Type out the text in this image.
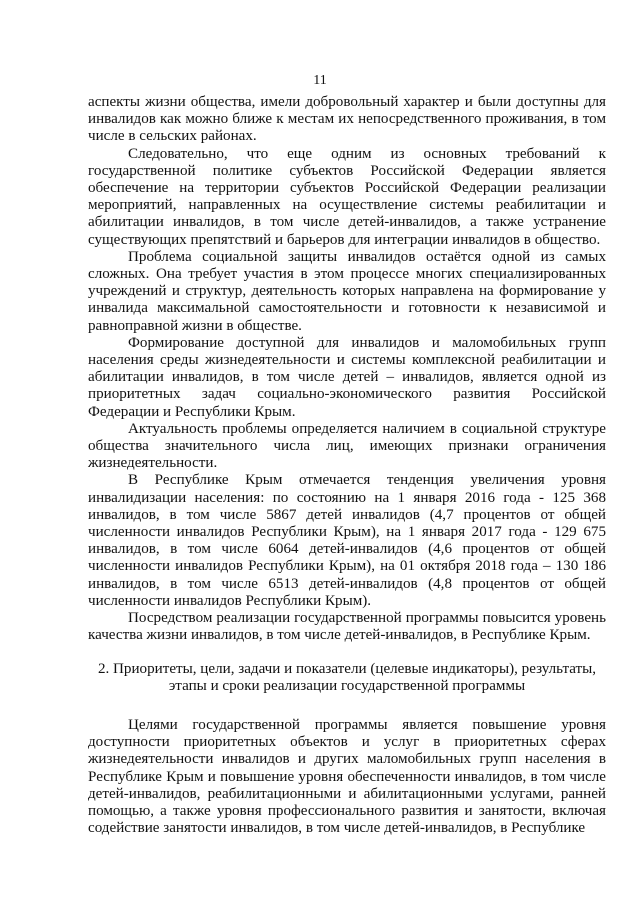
11

аспекты жизни общества, имели добровольный характер и были доступны для инвалидов как можно ближе к местам их непосредственного проживания, в том числе в сельских районах.

Следовательно, что еще одним из основных требований к государственной политике субъектов Российской Федерации является обеспечение на территории субъектов Российской Федерации реализации мероприятий, направленных на осуществление системы реабилитации и абилитации инвалидов, в том числе детей-инвалидов, а также устранение существующих препятствий и барьеров для интеграции инвалидов в общество.

Проблема социальной защиты инвалидов остаётся одной из самых сложных. Она требует участия в этом процессе многих специализированных учреждений и структур, деятельность которых направлена на формирование у инвалида максимальной самостоятельности и готовности к независимой и равноправной жизни в обществе.

Формирование доступной для инвалидов и маломобильных групп населения среды жизнедеятельности и системы комплексной реабилитации и абилитации инвалидов, в том числе детей – инвалидов, является одной из приоритетных задач социально-экономического развития Российской Федерации и Республики Крым.

Актуальность проблемы определяется наличием в социальной структуре общества значительного числа лиц, имеющих признаки ограничения жизнедеятельности.

В Республике Крым отмечается тенденция увеличения уровня инвалидизации населения: по состоянию на 1 января 2016 года - 125 368 инвалидов, в том числе 5867 детей инвалидов (4,7 процентов от общей численности инвалидов Республики Крым), на 1 января 2017 года - 129 675 инвалидов, в том числе 6064 детей-инвалидов (4,6 процентов от общей численности инвалидов Республики Крым), на 01 октября 2018 года – 130 186 инвалидов, в том числе 6513 детей-инвалидов (4,8 процентов от общей численности инвалидов Республики Крым).

Посредством реализации государственной программы повысится уровень качества жизни инвалидов, в том числе детей-инвалидов, в Республике Крым.

2. Приоритеты, цели, задачи и показатели (целевые индикаторы), результаты, этапы и сроки реализации государственной программы

Целями государственной программы является повышение уровня доступности приоритетных объектов и услуг в приоритетных сферах жизнедеятельности инвалидов и других маломобильных групп населения в Республике Крым и повышение уровня обеспеченности инвалидов, в том числе детей-инвалидов, реабилитационными и абилитационными услугами, ранней помощью, а также уровня профессионального развития и занятости, включая содействие занятости инвалидов, в том числе детей-инвалидов, в Республике
